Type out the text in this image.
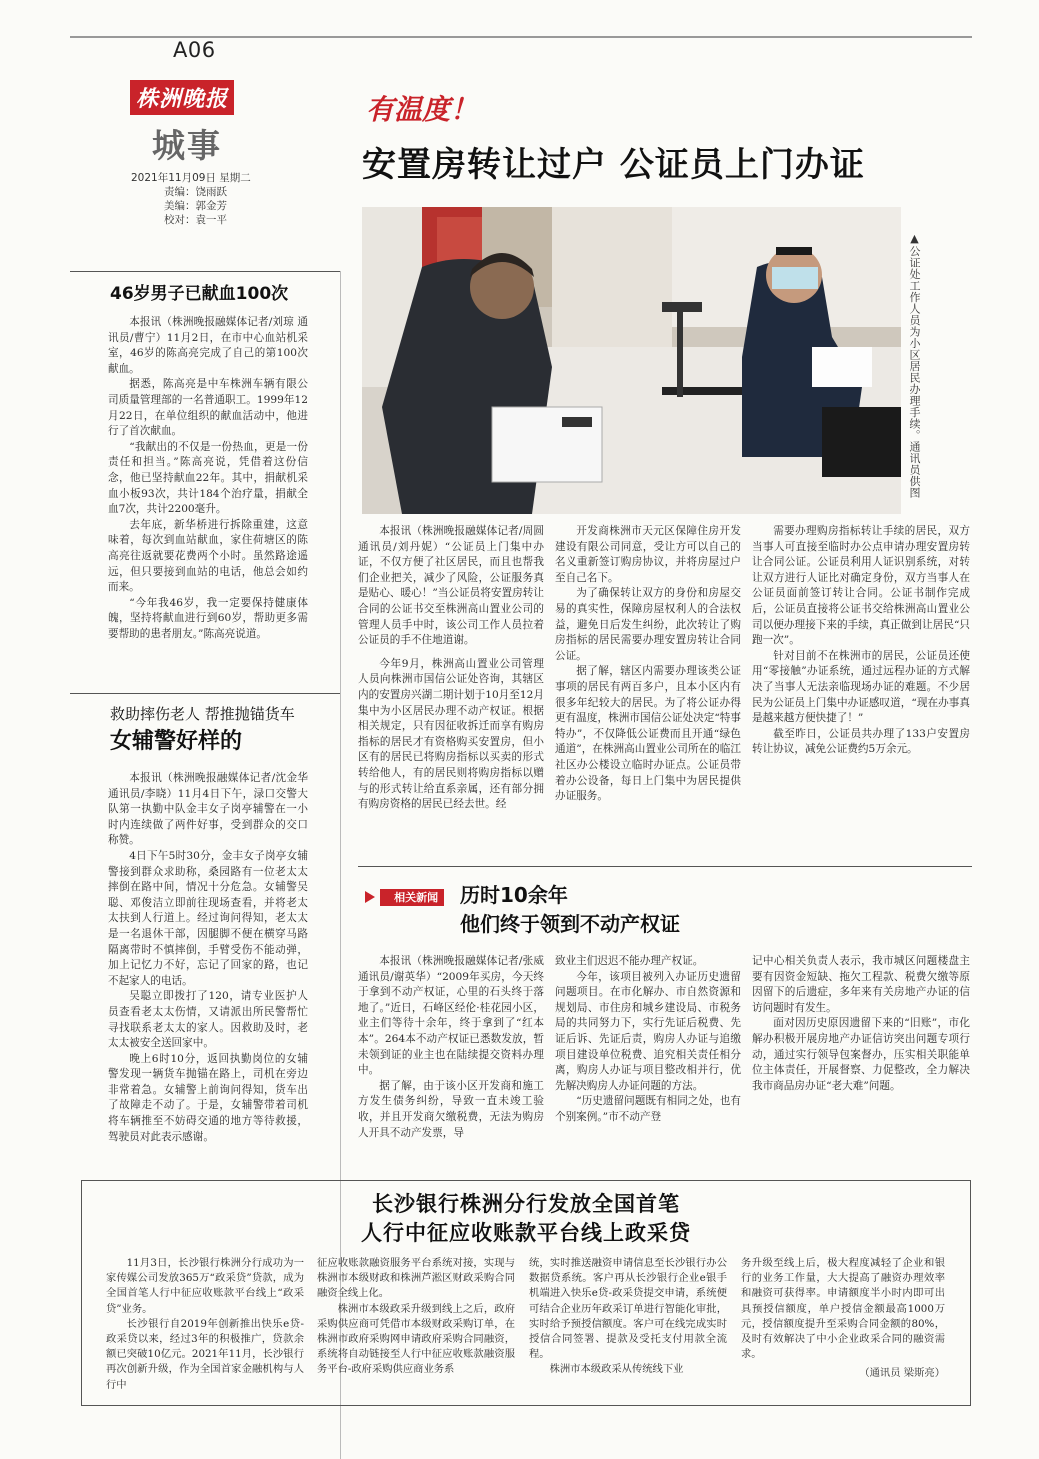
A06
株洲晚报
城事
2021年11月09日 星期二
责编：饶雨跃
美编：郭金芳
校对：袁一平
有温度！
安置房转让过户 公证员上门办证
▲公证处工作人员为小区居民办理手续。通讯员供图

本报讯（株洲晚报融媒体记者/周圆 通讯员/刘丹妮）“公证员上门集中办证，不仅方便了社区居民，而且也帮我们企业把关，减少了风险，公证服务真是贴心、暖心！”当公证员将安置房转让合同的公证书交至株洲高山置业公司的管理人员手中时，该公司工作人员拉着公证员的手不住地道谢。

今年9月，株洲高山置业公司管理人员向株洲市国信公证处咨询，其辖区内的安置房兴湖二期计划于10月至12月集中为小区居民办理不动产权证。根据相关规定，只有因征收拆迁而享有购房指标的居民才有资格购买安置房，但小区有的居民已将购房指标以买卖的形式转给他人，有的居民则将购房指标以赠与的形式转让给直系亲属，还有部分拥有购房资格的居民已经去世。经

开发商株洲市天元区保障住房开发建设有限公司同意，受让方可以自己的名义重新签订购房协议，并将房屋过户至自己名下。

为了确保转让双方的身份和房屋交易的真实性，保障房屋权利人的合法权益，避免日后发生纠纷，此次转让了购房指标的居民需要办理安置房转让合同公证。

据了解，辖区内需要办理该类公证事项的居民有两百多户，且本小区内有很多年纪较大的居民。为了将公证办得更有温度，株洲市国信公证处决定“特事特办”，不仅降低公证费而且开通“绿色通道”，在株洲高山置业公司所在的临江社区办公楼设立临时办证点。公证员带着办公设备，每日上门集中为居民提供办证服务。

需要办理购房指标转让手续的居民，双方当事人可直接至临时办公点申请办理安置房转让合同公证。公证员利用人证识别系统，对转让双方进行人证比对确定身份，双方当事人在公证员面前签订转让合同。公证书制作完成后，公证员直接将公证书交给株洲高山置业公司以便办理接下来的手续，真正做到让居民“只跑一次”。

针对目前不在株洲市的居民，公证员还使用“零接触”办证系统，通过远程办证的方式解决了当事人无法亲临现场办证的难题。不少居民为公证员上门集中办证感叹道，“现在办事真是越来越方便快捷了！”

截至昨日，公证员共办理了133户安置房转让协议，减免公证费约5万余元。

46岁男子已献血100次

本报讯（株洲晚报融媒体记者/刘琼 通讯员/曹宁）11月2日，在市中心血站机采室，46岁的陈高亮完成了自己的第100次献血。

据悉，陈高亮是中车株洲车辆有限公司质量管理部的一名普通职工。1999年12月22日，在单位组织的献血活动中，他进行了首次献血。

“我献出的不仅是一份热血，更是一份责任和担当。”陈高亮说，凭借着这份信念，他已坚持献血22年。其中，捐献机采血小板93次，共计184个治疗量，捐献全血7次，共计2200毫升。

去年底，新华桥进行拆除重建，这意味着，每次到血站献血，家住荷塘区的陈高亮往返就要花费两个小时。虽然路途遥远，但只要接到血站的电话，他总会如约而来。

“今年我46岁，我一定要保持健康体魄，坚持将献血进行到60岁，帮助更多需要帮助的患者朋友。”陈高亮说道。

救助摔伤老人 帮推抛锚货车
女辅警好样的

本报讯（株洲晚报融媒体记者/沈金华 通讯员/李晓）11月4日下午，渌口交警大队第一执勤中队金丰女子岗亭辅警在一小时内连续做了两件好事，受到群众的交口称赞。

4日下午5时30分，金丰女子岗亭女辅警接到群众求助称，桑园路有一位老太太摔倒在路中间，情况十分危急。女辅警吴聪、邓俊洁立即前往现场查看，并将老太太扶到人行道上。经过询问得知，老太太是一名退休干部，因腿脚不便在横穿马路隔离带时不慎摔倒，手臂受伤不能动弹，加上记忆力不好，忘记了回家的路，也记不起家人的电话。

吴聪立即拨打了120，请专业医护人员查看老太太伤情，又请派出所民警帮忙寻找联系老太太的家人。因救助及时，老太太被安全送回家中。

晚上6时10分，返回执勤岗位的女辅警发现一辆货车抛锚在路上，司机在旁边非常着急。女辅警上前询问得知，货车出了故障走不动了。于是，女辅警带着司机将车辆推至不妨碍交通的地方等待救援，驾驶员对此表示感谢。

相关新闻	历时10余年
他们终于领到不动产权证

本报讯（株洲晚报融媒体记者/张威 通讯员/谢英华）“2009年买房，今天终于拿到不动产权证，心里的石头终于落地了。”近日，石峰区经伦·桂花园小区，业主们等待十余年，终于拿到了“红本本”。264本不动产权证已悉数发放，暂未领到证的业主也在陆续提交资料办理中。

据了解，由于该小区开发商和施工方发生债务纠纷，导致一直未竣工验收，并且开发商欠缴税费，无法为购房人开具不动产发票，导

致业主们迟迟不能办理产权证。

今年，该项目被列入办证历史遗留问题项目。在市化解办、市自然资源和规划局、市住房和城乡建设局、市税务局的共同努力下，实行先证后税费、先证后诉、先证后责，购房人办证与追缴项目建设单位税费、追究相关责任相分离，购房人办证与项目整改相并行，优先解决购房人办证问题的方法。

“历史遗留问题既有相同之处，也有个别案例。”市不动产登

记中心相关负责人表示，我市城区问题楼盘主要有因资金短缺、拖欠工程款、税费欠缴等原因留下的后遗症，多年来有关房地产办证的信访问题时有发生。

面对因历史原因遗留下来的“旧账”，市化解办积极开展房地产办证信访突出问题专项行动，通过实行领导包案督办，压实相关职能单位主体责任，开展督察、力促整改，全力解决我市商品房办证“老大难”问题。

长沙银行株洲分行发放全国首笔
人行中征应收账款平台线上政采贷

11月3日，长沙银行株洲分行成功为一家传媒公司发放365万“政采贷”贷款，成为全国首笔人行中征应收账款平台线上“政采贷”业务。

长沙银行自2019年创新推出快乐e贷-政采贷以来，经过3年的积极推广，贷款余额已突破10亿元。2021年11月，长沙银行再次创新升级，作为全国首家金融机构与人行中

征应收账款融资服务平台系统对接，实现与株洲市本级财政和株洲芦淞区财政采购合同融资全线上化。

株洲市本级政采升级到线上之后，政府采购供应商可凭借市本级财政采购订单，在株洲市政府采购网申请政府采购合同融资，系统将自动链接至人行中征应收账款融资服务平台-政府采购供应商业务系

统，实时推送融资申请信息至长沙银行办公数据贷系统。客户再从长沙银行企业e银手机端进入快乐e贷-政采贷提交申请，系统便可结合企业历年政采订单进行智能化审批，实时给予预授信额度。客户可在线完成实时授信合同签署、提款及受托支付用款全流程。

株洲市本级政采从传统线下业

务升级至线上后，极大程度减轻了企业和银行的业务工作量，大大提高了融资办理效率和融资可获得率。申请额度半小时内即可出具预授信额度，单户授信金额最高1000万元，授信额度提升至采购合同金额的80%，及时有效解决了中小企业政采合同的融资需求。

（通讯员 梁斯亮）
